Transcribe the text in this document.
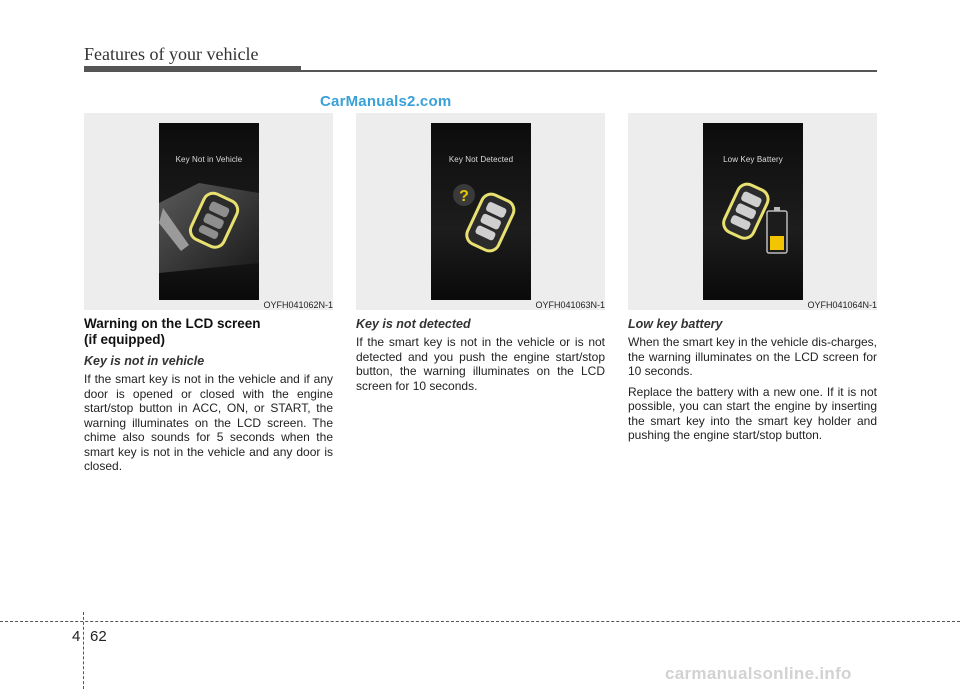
Features of your vehicle
CarManuals2.com
Key Not in Vehicle
OYFH041062N-1
Key Not Detected
?
OYFH041063N-1
Low Key Battery
OYFH041064N-1
Warning on the LCD screen
(if equipped)
Key is not in vehicle

If the smart key is not in the vehicle and if any door is opened or closed with the engine start/stop button in ACC, ON, or START, the warning illuminates on the LCD screen. The chime also sounds for 5 seconds when the smart key is not in the vehicle and any door is closed.

Key is not detected

If the smart key is not in the vehicle or is not detected and you push the engine start/stop button, the warning illuminates on the LCD screen for 10 seconds.

Low key battery

When the smart key in the vehicle dis-charges, the warning illuminates on the LCD screen for 10 seconds.

Replace the battery with a new one. If it is not possible, you can start the engine by inserting the smart key into the smart key holder and pushing the engine start/stop button.

4 62
carmanualsonline.info
